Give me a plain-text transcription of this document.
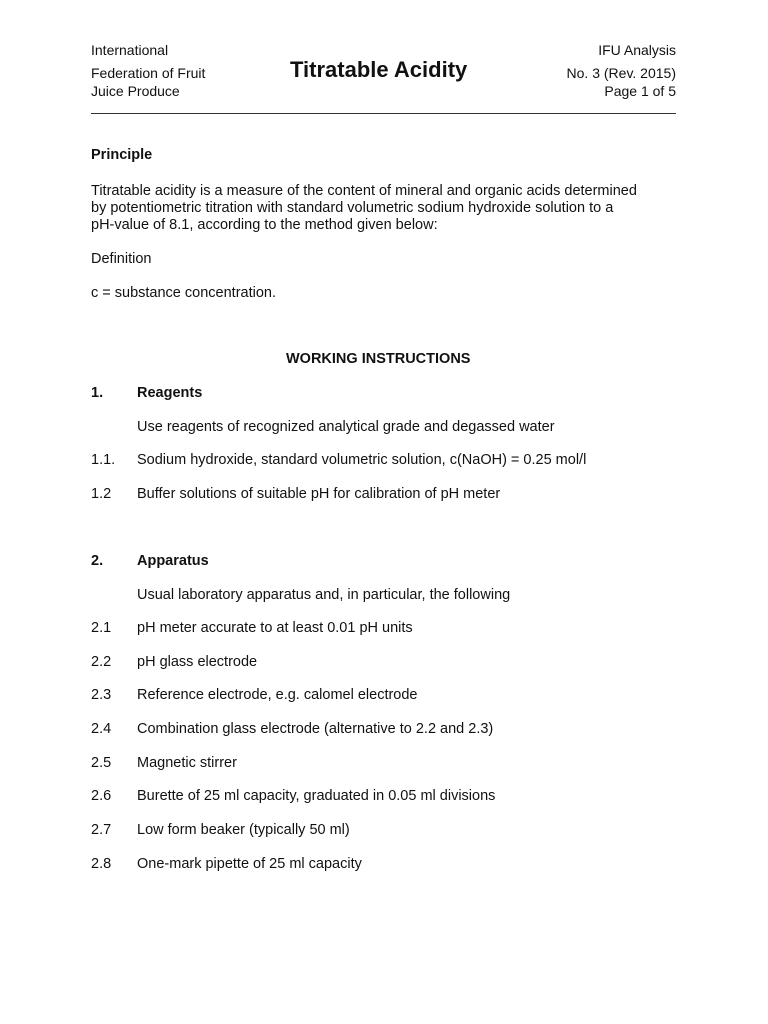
International
Federation of Fruit
Juice Produce
Titratable Acidity
IFU Analysis
No. 3 (Rev. 2015)
Page 1 of 5
Principle
Titratable acidity is a measure of the content of mineral and organic acids determined
by potentiometric titration with standard volumetric sodium hydroxide solution to a
pH-value of 8.1, according to the method given below:
Definition
c = substance concentration.
WORKING INSTRUCTIONS
1. Reagents
Use reagents of recognized analytical grade and degassed water
1.1. Sodium hydroxide, standard volumetric solution, c(NaOH) = 0.25 mol/l
1.2 Buffer solutions of suitable pH for calibration of pH meter
2. Apparatus
Usual laboratory apparatus and, in particular, the following
2.1 pH meter accurate to at least 0.01 pH units
2.2 pH glass electrode
2.3 Reference electrode, e.g. calomel electrode
2.4 Combination glass electrode (alternative to 2.2 and 2.3)
2.5 Magnetic stirrer
2.6 Burette of 25 ml capacity, graduated in 0.05 ml divisions
2.7 Low form beaker (typically 50 ml)
2.8 One-mark pipette of 25 ml capacity
